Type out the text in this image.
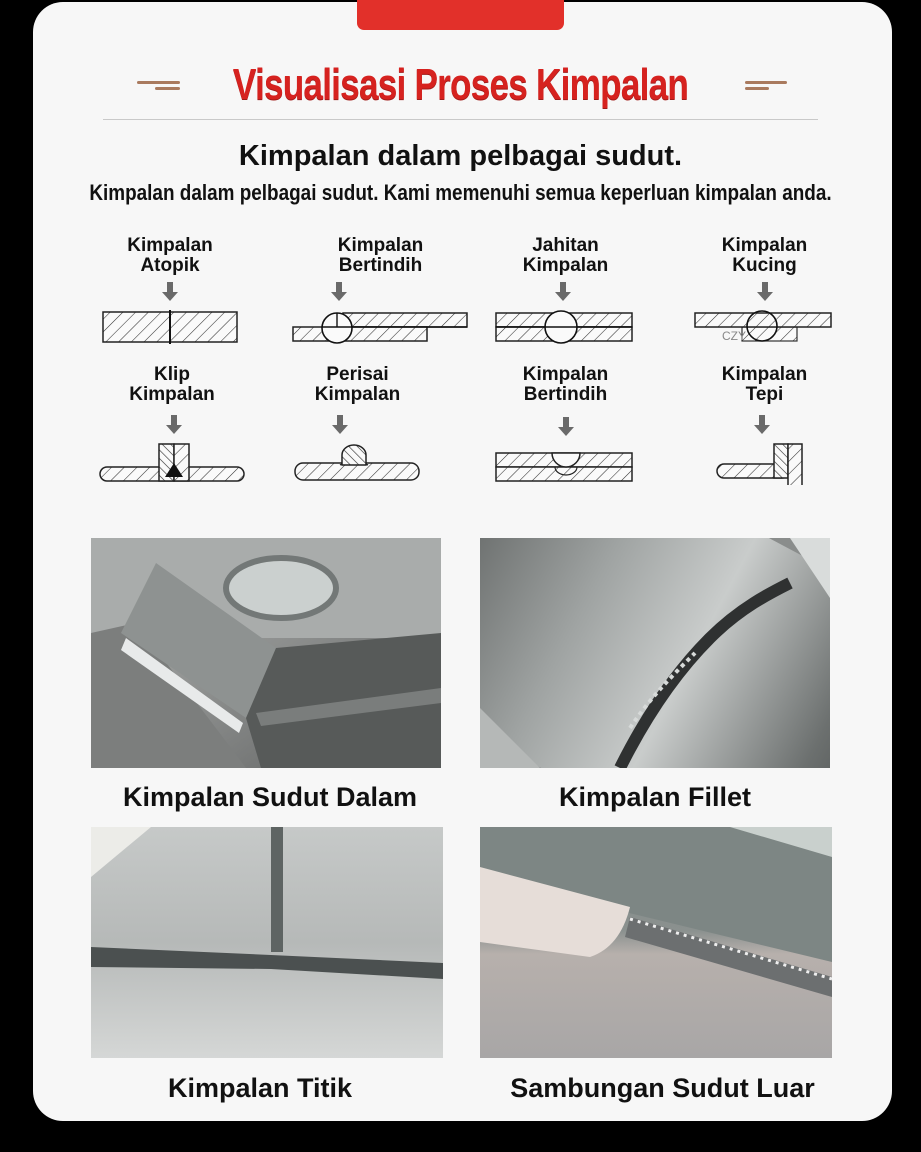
Visualisasi Proses Kimpalan
Kimpalan dalam pelbagai sudut.
Kimpalan dalam pelbagai sudut. Kami memenuhi semua keperluan kimpalan anda.
Kimpalan
Atopik
Kimpalan
Bertindih
Jahitan
Kimpalan
Kimpalan
Kucing
CZY
Klip
Kimpalan
Perisai
Kimpalan
Kimpalan
Bertindih
Kimpalan
Tepi
Kimpalan Sudut Dalam	Kimpalan Fillet
Kimpalan Titik	Sambungan Sudut Luar
